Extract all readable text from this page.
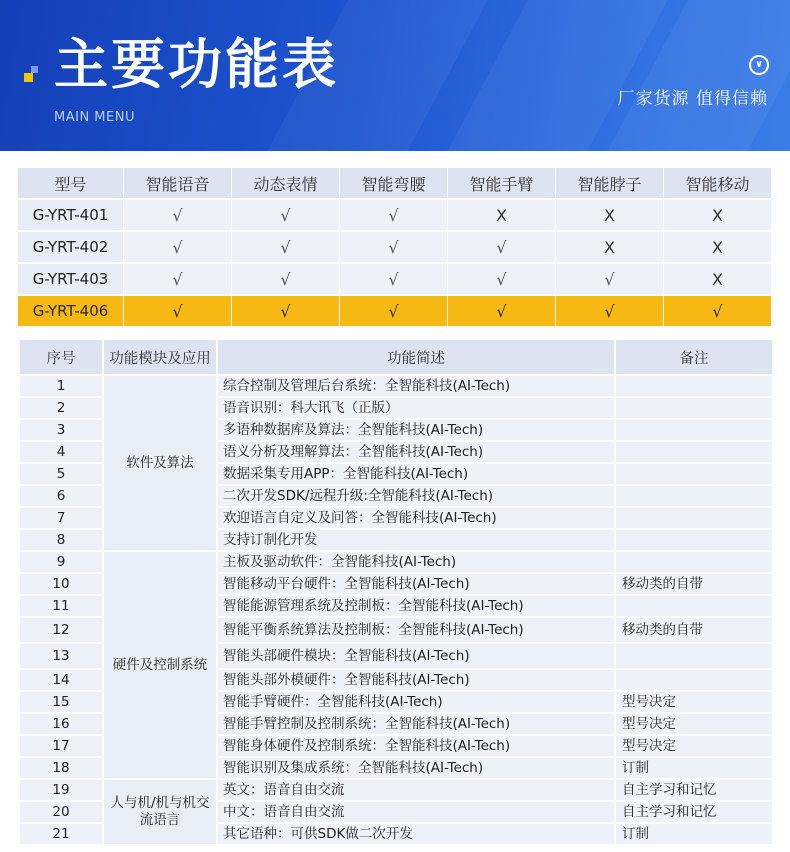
主要功能表
MAIN MENU
∨
厂家货源 值得信赖
型号	智能语音	动态表情	智能弯腰	智能手臂	智能脖子	智能移动
G-YRT-401	√	√	√	X	X	X
G-YRT-402	√	√	√	√	X	X
G-YRT-403	√	√	√	√	√	X
G-YRT-406	√	√	√	√	√	√
序号	功能模块及应用	功能简述	备注
1	软件及算法	综合控制及管理后台系统：全智能科技(AI-Tech)	
2		语音识别：科大讯飞（正版）	
3		多语种数据库及算法：全智能科技(AI-Tech)	
4		语义分析及理解算法：全智能科技(AI-Tech)	
5		数据采集专用APP：全智能科技(AI-Tech)	
6		二次开发SDK/远程升级:全智能科技(AI-Tech)	
7		欢迎语言自定义及问答：全智能科技(AI-Tech)	
8		支持订制化开发	
9	硬件及控制系统	主板及驱动软件：全智能科技(AI-Tech)	
10		智能移动平台硬件：全智能科技(AI-Tech)	移动类的自带
11		智能能源管理系统及控制板：全智能科技(AI-Tech)	
12		智能平衡系统算法及控制板：全智能科技(AI-Tech)	移动类的自带
13		智能头部硬件模块：全智能科技(AI-Tech)	
14		智能头部外模硬件：全智能科技(AI-Tech)	
15		智能手臂硬件：全智能科技(AI-Tech)	型号决定
16		智能手臂控制及控制系统：全智能科技(AI-Tech)	型号决定
17		智能身体硬件及控制系统：全智能科技(AI-Tech)	型号决定
18		智能识别及集成系统：全智能科技(AI-Tech)	订制
19	人与机/机与机交流语言	英文：语音自由交流	自主学习和记忆
20		中文：语音自由交流	自主学习和记忆
21		其它语种：可供SDK做二次开发	订制
